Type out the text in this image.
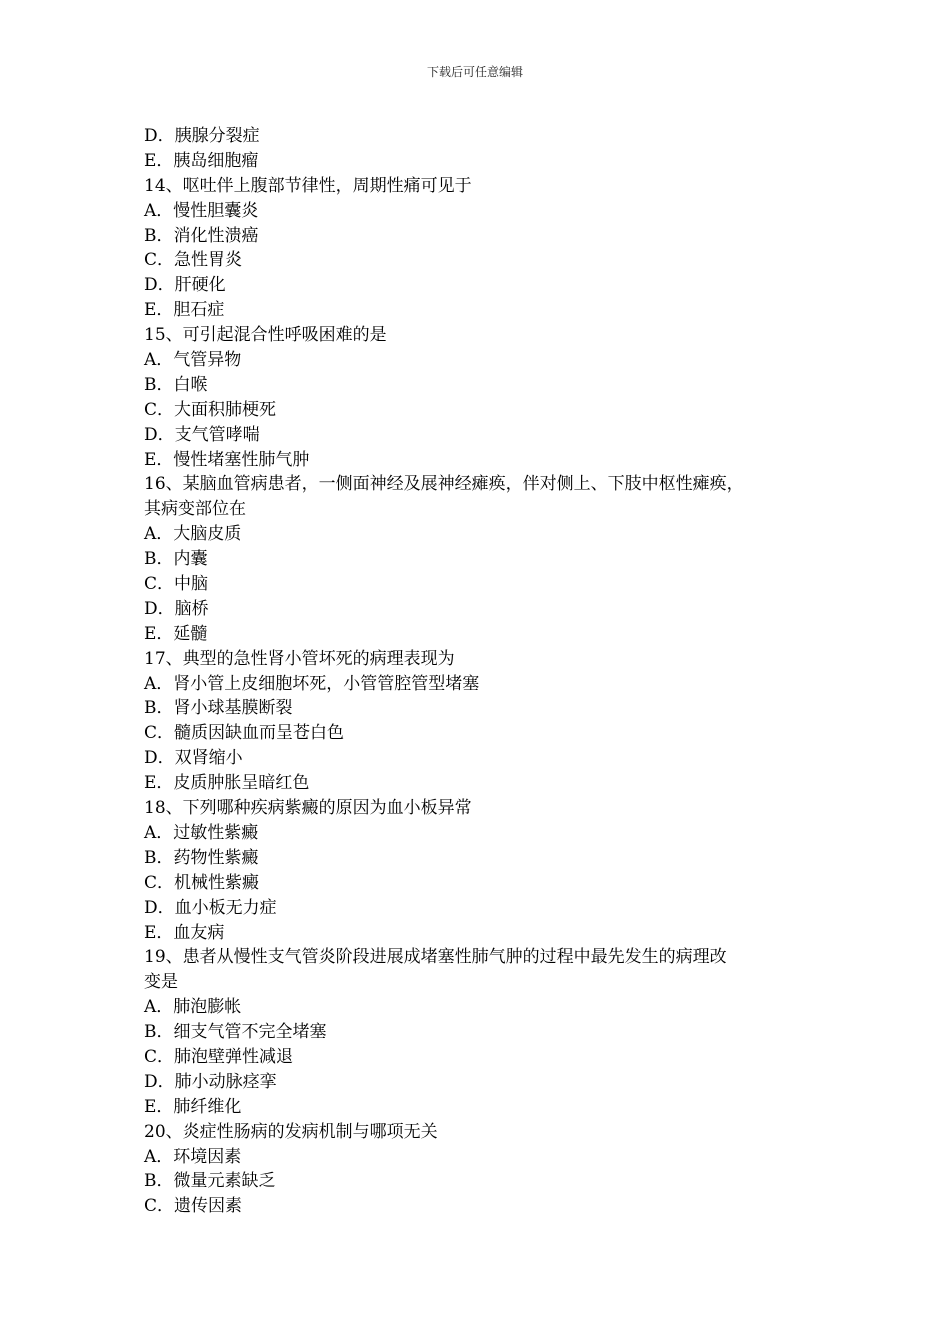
下载后可任意编辑
D．胰腺分裂症
E．胰岛细胞瘤
14、呕吐伴上腹部节律性，周期性痛可见于
A．慢性胆囊炎
B．消化性溃癌
C．急性胃炎
D．肝硬化
E．胆石症
15、可引起混合性呼吸困难的是
A．气管异物
B．白喉
C．大面积肺梗死
D．支气管哮喘
E．慢性堵塞性肺气肿
16、某脑血管病患者，一侧面神经及展神经瘫痪，伴对侧上、下肢中枢性瘫痪，
其病变部位在
A．大脑皮质
B．内囊
C．中脑
D．脑桥
E．延髓
17、典型的急性肾小管坏死的病理表现为
A．肾小管上皮细胞坏死，小管管腔管型堵塞
B．肾小球基膜断裂
C．髓质因缺血而呈苍白色
D．双肾缩小
E．皮质肿胀呈暗红色
18、下列哪种疾病紫癜的原因为血小板异常
A．过敏性紫癜
B．药物性紫癜
C．机械性紫癜
D．血小板无力症
E．血友病
19、患者从慢性支气管炎阶段进展成堵塞性肺气肿的过程中最先发生的病理改
变是
A．肺泡膨帐
B．细支气管不完全堵塞
C．肺泡壁弹性减退
D．肺小动脉痉挛
E．肺纤维化
20、炎症性肠病的发病机制与哪项无关
A．环境因素
B．微量元素缺乏
C．遗传因素
